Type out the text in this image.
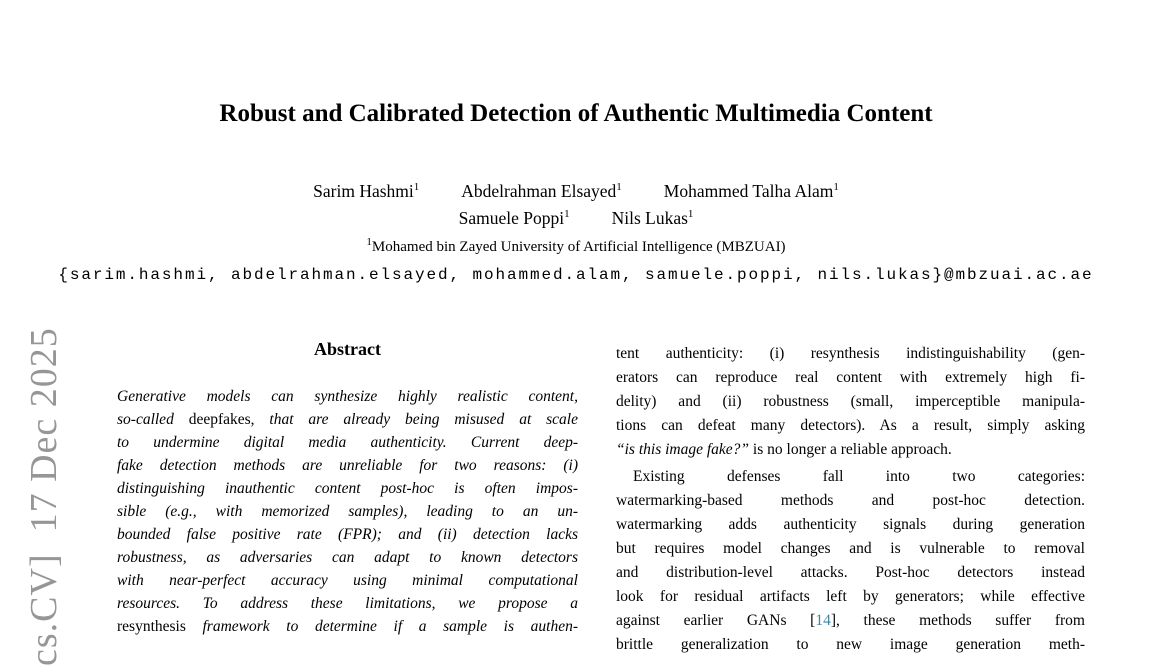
cs.CV]  17 Dec 2025
Robust and Calibrated Detection of Authentic Multimedia Content
Sarim Hashmi$^1$ Abdelrahman Elsayed$^1$ Mohammed Talha Alam$^1$
Samuele Poppi$^1$ Nils Lukas$^1$
$^1$Mohamed bin Zayed University of Artificial Intelligence (MBZUAI)
{sarim.hashmi, abdelrahman.elsayed, mohammed.alam, samuele.poppi, nils.lukas}@mbzuai.ac.ae
Abstract
Generative models can synthesize highly realistic content,
so-called deepfakes, that are already being misused at scale
to undermine digital media authenticity. Current deep-
fake detection methods are unreliable for two reasons: (i)
distinguishing inauthentic content post-hoc is often impos-
sible (e.g., with memorized samples), leading to an un-
bounded false positive rate (FPR); and (ii) detection lacks
robustness, as adversaries can adapt to known detectors
with near-perfect accuracy using minimal computational
resources. To address these limitations, we propose a
resynthesis framework to determine if a sample is authen-
tent authenticity: (i) resynthesis indistinguishability (gen-
erators can reproduce real content with extremely high fi-
delity) and (ii) robustness (small, imperceptible manipula-
tions can defeat many detectors). As a result, simply asking
“is this image fake?” is no longer a reliable approach.
Existing defenses fall into two categories:
watermarking-based methods and post-hoc detection.
watermarking adds authenticity signals during generation
but requires model changes and is vulnerable to removal
and distribution-level attacks. Post-hoc detectors instead
look for residual artifacts left by generators; while effective
against earlier GANs [14], these methods suffer from
brittle generalization to new image generation meth-
